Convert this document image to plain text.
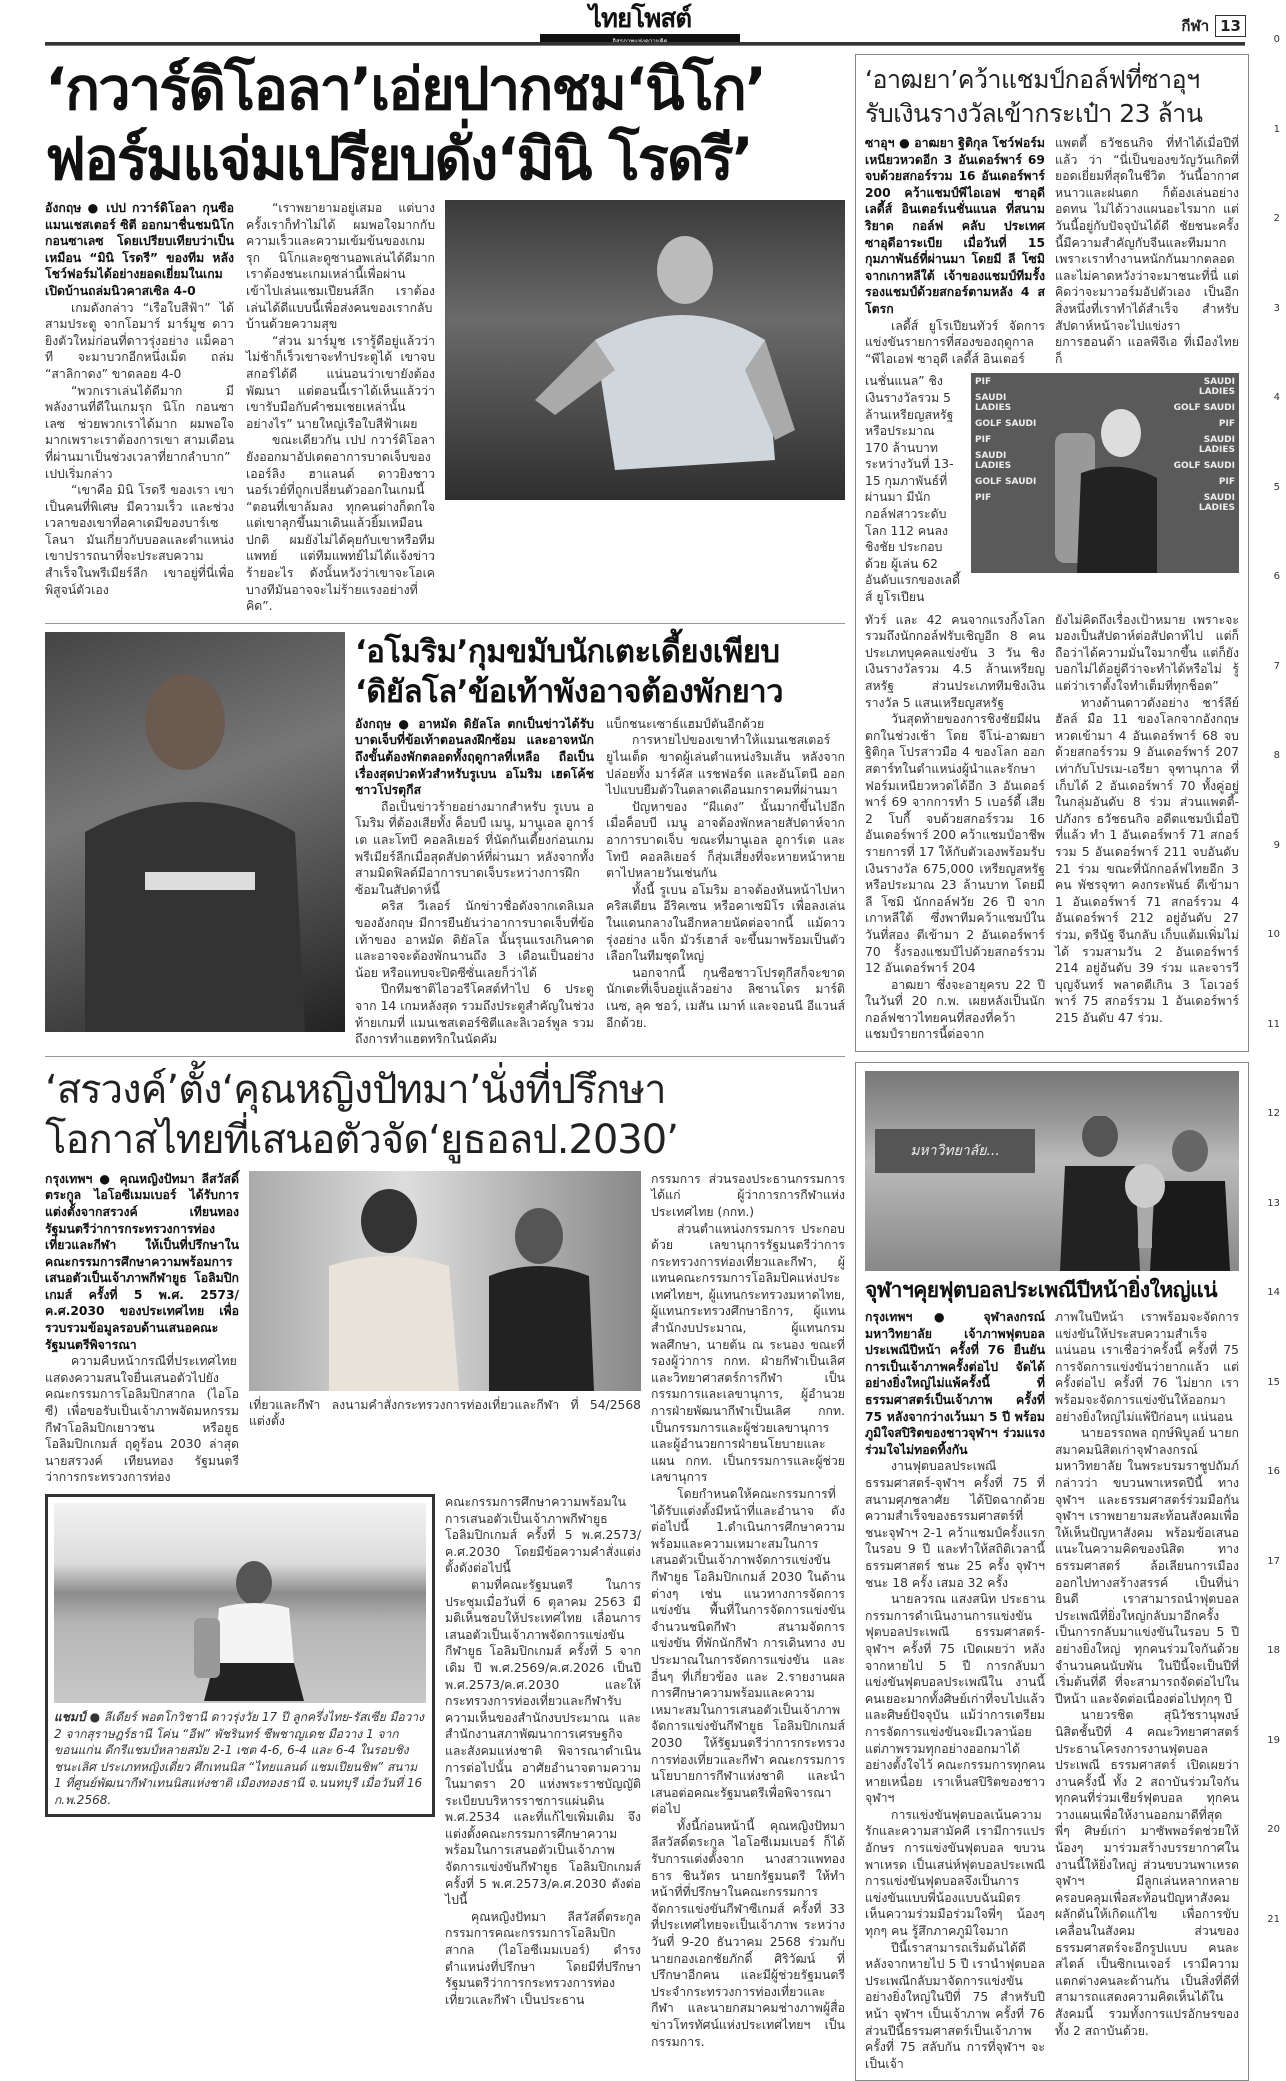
ไทยโพสต์
อิสรภาพแห่งความคิด
กีฬา 13
0
1
2
3
4
5
6
7
8
9
10
11
12
13
14
15
16
17
18
19
20
21
‘กวาร์ดิโอลา’เอ่ยปากชม‘นิโก’
ฟอร์มแจ่มเปรียบดั่ง‘มินิ โรดรี’

อังกฤษ ● เปป กวาร์ดิโอลา กุนซือ แมนเชสเตอร์ ซิตี ออกมาชื่นชมนิโก กอนซาเลซ โดยเปรียบเทียบว่าเป็นเหมือน “มินิ โรดรี” ของทีม หลังโชว์ฟอร์มได้อย่างยอดเยี่ยมในเกมเปิดบ้านถล่มนิวคาสเซิล 4-0

เกมดังกล่าว “เรือใบสีฟ้า” ได้สามประตู จากโอมาร์ มาร์มูช ดาวยิงตัวใหม่ก่อนที่ดาวรุ่งอย่าง แม็คอาที จะมาบวกอีกหนึ่งเม็ด ถล่ม “สาลิกาดง” ขาดลอย 4-0

“พวกเราเล่นได้ดีมาก มีพลังงานที่ดีในเกมรุก นิโก กอนซาเลซ ช่วยพวกเราได้มาก ผมพอใจมากเพราะเราต้องการเขา สามเดือนที่ผ่านมาเป็นช่วงเวลาที่ยากลำบาก” เปปเริ่มกล่าว

“เขาคือ มินิ โรดรี ของเรา เขาเป็นคนที่พิเศษ มีความเร็ว และช่วงเวลาของเขาที่อคาเดมีของบาร์เซโลนา มันเกี่ยวกับบอลและตำแหน่ง เขาปรารถนาที่จะประสบความสำเร็จในพรีเมียร์ลีก เขาอยู่ที่นี่เพื่อพิสูจน์ตัวเอง

“เราพยายามอยู่เสมอ แต่บางครั้งเราก็ทำไม่ได้ ผมพอใจมากกับความเร็วและความเข้มข้นของเกมรุก นิโกและดูซานอพเล่นได้ดีมาก เราต้องชนะเกมเหล่านี้เพื่อผ่านเข้าไปเล่นแชมเปียนส์ลีก เราต้องเล่นได้ดีแบบนี้เพื่อส่งคนของเรากลับบ้านด้วยความสุข

“ส่วน มาร์มูช เรารู้ดีอยู่แล้วว่าไม่ช้าก็เร็วเขาจะทำประตูได้ เขาจบสกอร์ได้ดี แน่นอนว่าเขายังต้องพัฒนา แต่ตอนนี้เราได้เห็นแล้วว่าเขารับมือกับคำชมเชยเหล่านั้นอย่างไร” นายใหญ่เรือใบสีฟ้าเผย

ขณะเดียวกัน เปป กวาร์ดิโอลา ยังออกมาอัปเดตอาการบาดเจ็บของเออร์ลิง ฮาแลนด์ ดาวยิงชาวนอร์เวย์ที่ถูกเปลี่ยนตัวออกในเกมนี้ “ตอนที่เขาล้มลง ทุกคนต่างก็ตกใจ แต่เขาลุกขึ้นมาเดินแล้วยิ้มเหมือนปกติ ผมยังไม่ได้คุยกับเขาหรือทีมแพทย์ แต่ทีมแพทย์ไม่ได้แจ้งข่าวร้ายอะไร ดังนั้นหวังว่าเขาจะโอเค บางทีมันอาจจะไม่ร้ายแรงอย่างที่คิด”.

‘อโมริม’กุมขมับนักเตะเดี้ยงเพียบ
‘ดิยัลโล’ข้อเท้าพังอาจต้องพักยาว

อังกฤษ ● อาหมัด ดิยัลโล ตกเป็นข่าวได้รับบาดเจ็บที่ข้อเท้าตอนลงฝึกซ้อม และอาจหนักถึงขั้นต้องพักตลอดทั้งฤดูกาลที่เหลือ ถือเป็นเรื่องสุดปวดหัวสำหรับรูเบน อโมริม เฮดโค้ชชาวโปรตุกีส

ถือเป็นข่าวร้ายอย่างมากสำหรับ รูเบน อโมริม ที่ต้องเสียทั้ง ค็อบบี เมนู, มานูเอล อูการ์เต และโทบี คอลลิเยอร์ ที่นัดกันเดี้ยงก่อนเกมพรีเมียร์ลีกเมื่อสุดสัปดาห์ที่ผ่านมา หลังจากทั้งสามมิดฟิลด์มีอาการบาดเจ็บระหว่างการฝึกซ้อมในสัปดาห์นี้

คริส วีเลอร์ นักข่าวชื่อดังจากเดลิเมลของอังกฤษ มีการยืนยันว่าอาการบาดเจ็บที่ข้อเท้าของ อาหมัด ดิยัลโล นั้นรุนแรงเกินคาด และอาจจะต้องพักนานถึง 3 เดือนเป็นอย่างน้อย หรือแทบจะปิดซีซั่นเลยก็ว่าได้

ปีกทีมชาติไอวอรีโคสต์ทำไป 6 ประตู จาก 14 เกมหลังสุด รวมถึงประตูสำคัญในช่วงท้ายเกมที่ แมนเชสเตอร์ซิตีและลิเวอร์พูล รวมถึงการทำแฮตทริกในนัดคัม

แบ็กชนะเซาธ์แฮมป์ตันอีกด้วย

การหายไปของเขาทำให้แมนเชสเตอร์ยูไนเต็ด ขาดผู้เล่นตำแหน่งริมเส้น หลังจากปล่อยทั้ง มาร์คัส แรชฟอร์ด และอันโตนี ออกไปแบบยืมตัวในตลาดเดือนมกราคมที่ผ่านมา

ปัญหาของ “ผีแดง” นั้นมากขึ้นไปอีก เมื่อค็อบบี เมนู อาจต้องพักหลายสัปดาห์จากอาการบาดเจ็บ ขณะที่มานูเอล อูการ์เต และโทบี คอลลิเยอร์ ก็สุ่มเสี่ยงที่จะหายหน้าหายตาไปหลายวันเช่นกัน

ทั้งนี้ รูเบน อโมริม อาจต้องหันหน้าไปหา คริสเตียน อีริคเซน หรือคาเซมิโร เพื่อลงเล่นในแดนกลางในอีกหลายนัดต่อจากนี้ แม้ดาวรุ่งอย่าง แจ็ก มัวร์เฮาส์ จะขึ้นมาพร้อมเป็นตัวเลือกในทีมชุดใหญ่

นอกจากนี้ กุนซือชาวโปรตุกีสก็จะขาดนักเตะที่เจ็บอยู่แล้วอย่าง ลิซานโดร มาร์ติเนซ, ลุค ชอว์, เมสัน เมาท์ และจอนนี อีแวนส์ อีกด้วย.

‘สรวงค์’ตั้ง‘คุณหญิงปัทมา’นั่งที่ปรึกษา
โอกาสไทยที่เสนอตัวจัด‘ยูธอลป.2030’

กรุงเทพฯ ● คุณหญิงปัทมา ลีสวัสดิ์ตระกูล ไอโอซีเมมเบอร์ ได้รับการแต่งตั้งจากสรวงค์ เทียนทอง รัฐมนตรีว่าการกระทรวงการท่องเที่ยวและกีฬา ให้เป็นที่ปรึกษาในคณะกรรมการศึกษาความพร้อมการเสนอตัวเป็นเจ้าภาพกีฬายูธ โอลิมปิกเกมส์ ครั้งที่ 5 พ.ศ. 2573/ค.ศ.2030 ของประเทศไทย เพื่อรวบรวมข้อมูลรอบด้านเสนอคณะรัฐมนตรีพิจารณา

ความคืบหน้ากรณีที่ประเทศไทยแสดงความสนใจยื่นเสนอตัวไปยังคณะกรรมการโอลิมปิกสากล (ไอโอซี) เพื่อขอรับเป็นเจ้าภาพจัดมหกรรมกีฬาโอลิมปิกเยาวชน หรือยูธ โอลิมปิกเกมส์ ฤดูร้อน 2030 ล่าสุด นายสรวงค์ เทียนทอง รัฐมนตรีว่าการกระทรวงการท่อง

เที่ยวและกีฬา ลงนามคำสั่งกระทรวงการท่องเที่ยวและกีฬา ที่ 54/2568 แต่งตั้ง

แชมป์ ● ลีเดียร์ พอตโกวิชานี ดาวรุ่งวัย 17 ปี ลูกครึ่งไทย-รัสเซีย มือวาง 2 จากสุราษฎร์ธานี โค่น “อีฟ” พัชรินทร์ ชีพชาญเดช มือวาง 1 จากขอนแก่น ดีกรีแชมป์หลายสมัย 2-1 เซต 4-6, 6-4 และ 6-4 ในรอบชิงชนะเลิศ ประเภทหญิงเดี่ยว ศึกเทนนิส “ไทยแลนด์ แชมเปียนชิพ” สนาม 1 ที่ศูนย์พัฒนากีฬาเทนนิสแห่งชาติ เมืองทองธานี จ.นนทบุรี เมื่อวันที่ 16 ก.พ.2568.

คณะกรรมการศึกษาความพร้อมในการเสนอตัวเป็นเจ้าภาพกีฬายูธ โอลิมปิกเกมส์ ครั้งที่ 5 พ.ศ.2573/ค.ศ.2030 โดยมีข้อความคำสั่งแต่งตั้งดังต่อไปนี้

ตามที่คณะรัฐมนตรี ในการประชุมเมื่อวันที่ 6 ตุลาคม 2563 มีมติเห็นชอบให้ประเทศไทย เลื่อนการเสนอตัวเป็นเจ้าภาพจัดการแข่งขันกีฬายูธ โอลิมปิกเกมส์ ครั้งที่ 5 จากเดิม ปี พ.ศ.2569/ค.ศ.2026 เป็นปี พ.ศ.2573/ค.ศ.2030 และให้กระทรวงการท่องเที่ยวและกีฬารับความเห็นของสำนักงบประมาณ และสำนักงานสภาพัฒนาการเศรษฐกิจและสังคมแห่งชาติ พิจารณาดำเนินการต่อไปนั้น อาศัยอำนาจตามความในมาตรา 20 แห่งพระราชบัญญัติระเบียบบริหารราชการแผ่นดิน พ.ศ.2534 และที่แก้ไขเพิ่มเติม จึงแต่งตั้งคณะกรรมการศึกษาความพร้อมในการเสนอตัวเป็นเจ้าภาพจัดการแข่งขันกีฬายูธ โอลิมปิกเกมส์ ครั้งที่ 5 พ.ศ.2573/ค.ศ.2030 ดังต่อไปนี้

คุณหญิงปัทมา ลีสวัสดิ์ตระกูล กรรมการคณะกรรมการโอลิมปิกสากล (ไอโอซีเมมเบอร์) ดำรงตำแหน่งที่ปรึกษา โดยมีที่ปรึกษารัฐมนตรีว่าการกระทรวงการท่องเที่ยวและกีฬา เป็นประธาน

กรรมการ ส่วนรองประธานกรรมการได้แก่ ผู้ว่าการการกีฬาแห่งประเทศไทย (กกท.)

ส่วนตำแหน่งกรรมการ ประกอบด้วย เลขานุการรัฐมนตรีว่าการกระทรวงการท่องเที่ยวและกีฬา, ผู้แทนคณะกรรมการโอลิมปิคแห่งประเทศไทยฯ, ผู้แทนกระทรวงมหาดไทย, ผู้แทนกระทรวงศึกษาธิการ, ผู้แทนสำนักงบประมาณ, ผู้แทนกรมพลศึกษา, นายต้น ณ ระนอง ขณะที่รองผู้ว่าการ กกท. ฝ่ายกีฬาเป็นเลิศและวิทยาศาสตร์การกีฬา เป็นกรรมการและเลขานุการ, ผู้อำนวยการฝ่ายพัฒนากีฬาเป็นเลิศ กกท. เป็นกรรมการและผู้ช่วยเลขานุการ และผู้อำนวยการฝ่ายนโยบายและแผน กกท. เป็นกรรมการและผู้ช่วยเลขานุการ

โดยกำหนดให้คณะกรรมการที่ได้รับแต่งตั้งมีหน้าที่และอำนาจ ดังต่อไปนี้ 1.ดำเนินการศึกษาความพร้อมและความเหมาะสมในการเสนอตัวเป็นเจ้าภาพจัดการแข่งขันกีฬายูธ โอลิมปิกเกมส์ 2030 ในด้านต่างๆ เช่น แนวทางการจัดการแข่งขัน พื้นที่ในการจัดการแข่งขัน จำนวนชนิดกีฬา สนามจัดการแข่งขัน ที่พักนักกีฬา การเดินทาง งบประมาณในการจัดการแข่งขัน และอื่นๆ ที่เกี่ยวข้อง และ 2.รายงานผลการศึกษาความพร้อมและความเหมาะสมในการเสนอตัวเป็นเจ้าภาพจัดการแข่งขันกีฬายูธ โอลิมปิกเกมส์ 2030 ให้รัฐมนตรีว่าการกระทรวงการท่องเที่ยวและกีฬา คณะกรรมการนโยบายการกีฬาแห่งชาติ และนำเสนอต่อคณะรัฐมนตรีเพื่อพิจารณาต่อไป

ทั้งนี้ก่อนหน้านี้ คุณหญิงปัทมา ลีสวัสดิ์ตระกูล ไอโอซีเมมเบอร์ ก็ได้รับการแต่งตั้งจาก นางสาวแพทองธาร ชินวัตร นายกรัฐมนตรี ให้ทำหน้าที่ที่ปรึกษาในคณะกรรมการจัดการแข่งขันกีฬาซีเกมส์ ครั้งที่ 33 ที่ประเทศไทยจะเป็นเจ้าภาพ ระหว่างวันที่ 9-20 ธันวาคม 2568 ร่วมกับนายกองเอกชัยภักดิ์ ศิริวัฒน์ ที่ปรึกษาอีกคน และมีผู้ช่วยรัฐมนตรีประจำกระทรวงการท่องเที่ยวและกีฬา และนายกสมาคมช่างภาพผู้สื่อข่าวโทรทัศน์แห่งประเทศไทยฯ เป็นกรรมการ.

‘อาฒยา’คว้าแชมป์กอล์ฟที่ซาอุฯ
รับเงินรางวัลเข้ากระเป๋า 23 ล้าน

ซาอุฯ ● อาฒยา ฐิติกุล โชว์ฟอร์มเหนียวหวดอีก 3 อันเดอร์พาร์ 69 จบด้วยสกอร์รวม 16 อันเดอร์พาร์ 200 คว้าแชมป์พีไอเอฟ ซาอุดี เลดี้ส์ อินเตอร์เนชั่นแนล ที่สนามริยาด กอล์ฟ คลับ ประเทศซาอุดีอาระเบีย เมื่อวันที่ 15 กุมภาพันธ์ที่ผ่านมา โดยมี ลี โซมิ จากเกาหลีใต้ เจ้าของแชมป์ทีมรั้งรองแชมป์ด้วยสกอร์ตามหลัง 4 สโตรก

เลดี้ส์ ยูโรเปียนทัวร์ จัดการแข่งขันรายการที่สองของฤดูกาล “พีไอเอฟ ซาอุดี เลดี้ส์ อินเตอร์

แพตตี้ ธวัชธนกิจ ที่ทำได้เมื่อปีที่แล้ว ว่า “นี่เป็นของขวัญวันเกิดที่ยอดเยี่ยมที่สุดในชีวิต วันนี้อากาศหนาวและฝนตก ก็ต้องเล่นอย่างอดทน ไม่ได้วางแผนอะไรมาก แต่วันนี้อยู่กับปัจจุบันได้ดี ชัยชนะครั้งนี้มีความสำคัญกับจีนและทีมมาก เพราะเราทำงานหนักกันมากตลอด และไม่คาดหวังว่าจะมาชนะที่นี่ แต่คิดว่าจะมาวอร์มอัปตัวเอง เป็นอีกสิ่งหนึ่งที่เราทำได้สำเร็จ สำหรับสัปดาห์หน้าจะไปแข่งรายการฮอนด้า แอลพีจีเอ ที่เมืองไทย ก็

เนชั่นแนล” ชิงเงินรางวัลรวม 5 ล้านเหรียญสหรัฐ หรือประมาณ 170 ล้านบาท ระหว่างวันที่ 13-15 กุมภาพันธ์ที่ผ่านมา มีนักกอล์ฟสาวระดับโลก 112 คนลงชิงชัย ประกอบด้วย ผู้เล่น 62 อันดับแรกของเลดี้ส์ ยูโรเปียน

PIF
SAUDI LADIES
GOLF SAUDI
PIF
SAUDI LADIES
GOLF SAUDI
PIF
SAUDI LADIES
GOLF SAUDI
PIF
SAUDI LADIES
GOLF SAUDI
PIF
SAUDI LADIES

ทัวร์ และ 42 คนจากแรงกิ้งโลก รวมถึงนักกอล์ฟรับเชิญอีก 8 คน ประเภทบุคคลแข่งขัน 3 วัน ชิงเงินรางวัลรวม 4.5 ล้านเหรียญสหรัฐ ส่วนประเภททีมชิงเงินรางวัล 5 แสนเหรียญสหรัฐ

วันสุดท้ายของการชิงชัยมีฝนตกในช่วงเช้า โดย จีโน่-อาฒยา ฐิติกุล โปรสาวมือ 4 ของโลก ออกสตาร์ทในตำแหน่งผู้นำและรักษาฟอร์มเหนียวหวดได้อีก 3 อันเดอร์พาร์ 69 จากการทำ 5 เบอร์ดี้ เสีย 2 โบกี้ จบด้วยสกอร์รวม 16 อันเดอร์พาร์ 200 คว้าแชมป์อาชีพรายการที่ 17 ให้กับตัวเองพร้อมรับเงินรางวัล 675,000 เหรียญสหรัฐ หรือประมาณ 23 ล้านบาท โดยมี ลี โซมิ นักกอล์ฟวัย 26 ปี จากเกาหลีใต้ ซึ่งพาทีมคว้าแชมป์ในวันที่สอง ตีเข้ามา 2 อันเดอร์พาร์ 70 รั้งรองแชมป์ไปด้วยสกอร์รวม 12 อันเดอร์พาร์ 204

อาฒยา ซึ่งจะอายุครบ 22 ปีในวันที่ 20 ก.พ. เผยหลังเป็นนักกอล์ฟชาวไทยคนที่สองที่คว้าแชมป์รายการนี้ต่อจาก

ยังไม่คิดถึงเรื่องเป้าหมาย เพราะจะมองเป็นสัปดาห์ต่อสัปดาห์ไป แต่ก็ถือว่าได้ความมั่นใจมากขึ้น แต่ก็ยังบอกไม่ได้อยู่ดีว่าจะทำได้หรือไม่ รู้แต่ว่าเราตั้งใจทำเต็มที่ทุกช็อต”

ทางด้านดาวดังอย่าง ชาร์ลีย์ ฮัลล์ มือ 11 ของโลกจากอังกฤษ หวดเข้ามา 4 อันเดอร์พาร์ 68 จบด้วยสกอร์รวม 9 อันเดอร์พาร์ 207 เท่ากับโปรเม-เอรียา จุฑานุกาล ที่เก็บได้ 2 อันเดอร์พาร์ 70 ทั้งคู่อยู่ในกลุ่มอันดับ 8 ร่วม ส่วนแพตตี้-ปภังกร ธวัชธนกิจ อดีตแชมป์เมื่อปีที่แล้ว ทำ 1 อันเดอร์พาร์ 71 สกอร์รวม 5 อันเดอร์พาร์ 211 จบอันดับ 21 ร่วม ขณะที่นักกอล์ฟไทยอีก 3 คน พัชรจุฑา คงกระพันธ์ ตีเข้ามา 1 อันเดอร์พาร์ 71 สกอร์รวม 4 อันเดอร์พาร์ 212 อยู่อันดับ 27 ร่วม, ตรีนัฐ จีนกลับ เก็บแต้มเพิ่มไม่ได้ รวมสามวัน 2 อันเดอร์พาร์ 214 อยู่อันดับ 39 ร่วม และจารวี บุญจันทร์ พลาดตีเกิน 3 โอเวอร์พาร์ 75 สกอร์รวม 1 อันเดอร์พาร์ 215 อันดับ 47 ร่วม.

มหาวิทยาลัย...
จุฬาฯคุยฟุตบอลประเพณีปีหน้ายิ่งใหญ่แน่

กรุงเทพฯ ● จุฬาลงกรณ์มหาวิทยาลัย เจ้าภาพฟุตบอลประเพณีปีหน้า ครั้งที่ 76 ยืนยันการเป็นเจ้าภาพครั้งต่อไป จัดได้อย่างยิ่งใหญ่ไม่แพ้ครั้งนี้ ที่ธรรมศาสตร์เป็นเจ้าภาพ ครั้งที่ 75 หลังจากว่างเว้นมา 5 ปี พร้อมภูมิใจสปิริตของชาวจุฬาฯ ร่วมแรงร่วมใจไม่ทอดทิ้งกัน

งานฟุตบอลประเพณีธรรมศาสตร์-จุฬาฯ ครั้งที่ 75 ที่สนามศุภชลาศัย ได้ปิดฉากด้วยความสำเร็จของธรรมศาสตร์ที่ชนะจุฬาฯ 2-1 คว้าแชมป์ครั้งแรกในรอบ 9 ปี และทำให้สถิติเวลานี้ ธรรมศาสตร์ ชนะ 25 ครั้ง จุฬาฯ ชนะ 18 ครั้ง เสมอ 32 ครั้ง

นายลวรณ แสงสนิท ประธานกรรมการดำเนินงานการแข่งขันฟุตบอลประเพณี ธรรมศาสตร์-จุฬาฯ ครั้งที่ 75 เปิดเผยว่า หลังจากหายไป 5 ปี การกลับมาแข่งขันฟุตบอลประเพณีใน งานนี้ คนเยอะมากทั้งศิษย์เก่าที่จบไปแล้วและศิษย์ปัจจุบัน แม้ว่าการเตรียมการจัดการแข่งขันจะมีเวลาน้อย แต่ภาพรวมทุกอย่างออกมาได้อย่างตั้งใจไว้ คณะกรรมการทุกคนหายเหนื่อย เราเห็นสปิริตของชาวจุฬาฯ

การแข่งขันฟุตบอลเน้นความรักและความสามัคคี เรามีการแปรอักษร การแข่งขันฟุตบอล ขบวนพาเหรด เป็นเสน่ห์ฟุตบอลประเพณี การแข่งขันฟุตบอลจึงเป็นการแข่งขันแบบพี่น้องแบบฉันมิตร เห็นความร่วมมือร่วมใจพี่ๆ น้องๆ ทุกๆ คน รู้สึกภาคภูมิใจมาก

ปีนี้เราสามารถเริ่มต้นได้ดี หลังจากหายไป 5 ปี เรานำฟุตบอลประเพณีกลับมาจัดการแข่งขันอย่างยิ่งใหญ่ในปีที่ 75 สำหรับปีหน้า จุฬาฯ เป็นเจ้าภาพ ครั้งที่ 76 ส่วนปีนี้ธรรมศาสตร์เป็นเจ้าภาพครั้งที่ 75 สลับกัน การที่จุฬาฯ จะเป็นเจ้า

ภาพในปีหน้า เราพร้อมจะจัดการแข่งขันให้ประสบความสำเร็จแน่นอน เราเชื่อว่าครั้งนี้ ครั้งที่ 75 การจัดการแข่งขันว่ายากแล้ว แต่ครั้งต่อไป ครั้งที่ 76 ไม่ยาก เราพร้อมจะจัดการแข่งขันให้ออกมาอย่างยิ่งใหญ่ไม่แพ้ปีก่อนๆ แน่นอน

นายอรรถพล ฤกษ์พิบูลย์ นายกสมาคมนิสิตเก่าจุฬาลงกรณ์มหาวิทยาลัย ในพระบรมราชูปถัมภ์ กล่าวว่า ขบวนพาเหรดปีนี้ ทางจุฬาฯ และธรรมศาสตร์ร่วมมือกัน จุฬาฯ เราพยายามสะท้อนสังคมเพื่อให้เห็นปัญหาสังคม พร้อมข้อเสนอแนะในความคิดของนิสิต ทางธรรมศาสตร์ ล้อเลียนการเมือง ออกไปทางสร้างสรรค์ เป็นที่น่ายินดี เราสามารถนำฟุตบอลประเพณีที่ยิ่งใหญ่กลับมาอีกครั้ง เป็นการกลับมาแข่งขันในรอบ 5 ปี อย่างยิ่งใหญ่ ทุกคนร่วมใจกันด้วยจำนวนคนนับพัน ในปีนี้จะเป็นปีที่เริ่มต้นที่ดี ที่จะสามารถจัดต่อไปในปีหน้า และจัดต่อเนื่องต่อไปทุกๆ ปี

นายวรชิต สุนิวัชรานุพงษ์ นิสิตชั้นปีที่ 4 คณะวิทยาศาสตร์ ประธานโครงการงานฟุตบอลประเพณี ธรรมศาสตร์ เปิดเผยว่า งานครั้งนี้ ทั้ง 2 สถาบันร่วมใจกัน ทุกคนที่ร่วมเชียร์ฟุตบอล ทุกคนวางแผนเพื่อให้งานออกมาดีที่สุด พี่ๆ ศิษย์เก่า มาซัพพอร์ตช่วยให้น้องๆ มาร่วมสร้างบรรยากาศในงานนี้ให้ยิ่งใหญ่ ส่วนขบวนพาเหรดจุฬาฯ มีลูกเล่นหลากหลายครอบคลุมเพื่อสะท้อนปัญหาสังคม ผลักดันให้เกิดแก้ไข เพื่อการขับเคลื่อนในสังคม ส่วนของธรรมศาสตร์จะอีกรูปแบบ คนละสไตล์ เป็นซิกเนเจอร์ เรามีความแตกต่างคนละด้านกัน เป็นสิ่งที่ดีที่สามารถแสดงความคิดเห็นได้ในสังคมนี้ รวมทั้งการแปรอักษรของทั้ง 2 สถาบันด้วย.
